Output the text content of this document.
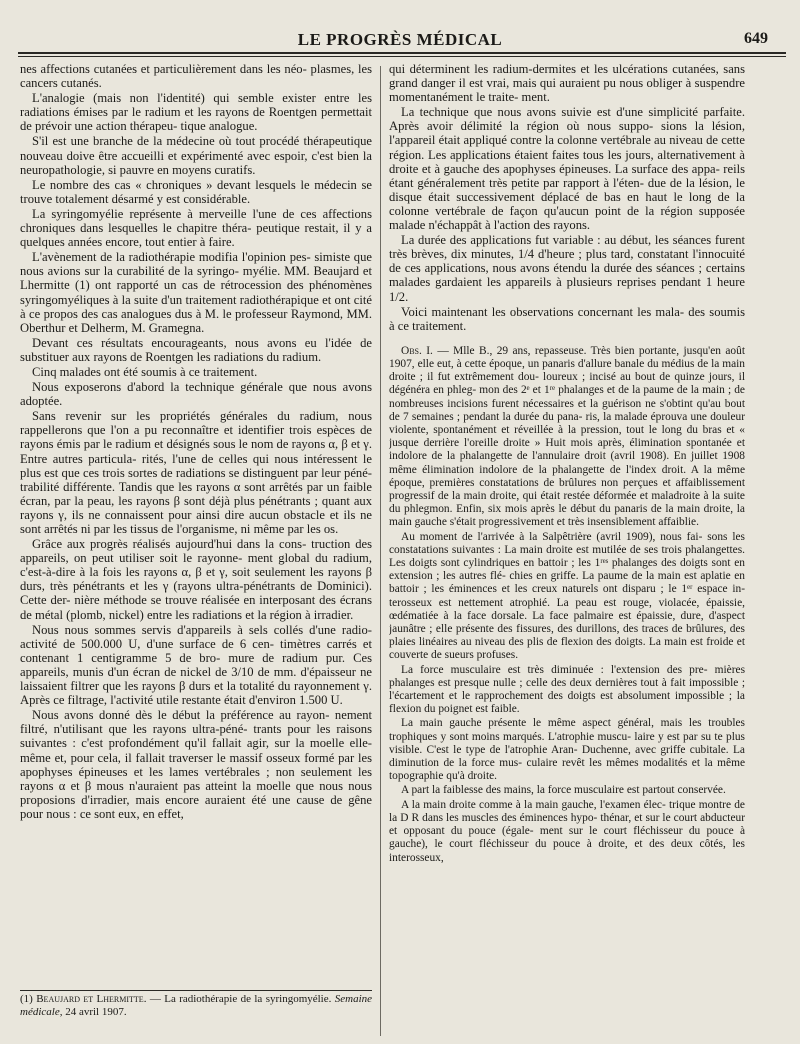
LE PROGRÈS MÉDICAL	649

nes affections cutanées et particulièrement dans les néo- plasmes, les cancers cutanés.

L'analogie (mais non l'identité) qui semble exister entre les radiations émises par le radium et les rayons de Roentgen permettait de prévoir une action thérapeu- tique analogue.

S'il est une branche de la médecine où tout procédé thérapeutique nouveau doive être accueilli et expérimenté avec espoir, c'est bien la neuropathologie, si pauvre en moyens curatifs.

Le nombre des cas « chroniques » devant lesquels le médecin se trouve totalement désarmé y est considérable.

La syringomyélie représente à merveille l'une de ces affections chroniques dans lesquelles le chapitre théra- peutique restait, il y a quelques années encore, tout entier à faire.

L'avènement de la radiothérapie modifia l'opinion pes- simiste que nous avions sur la curabilité de la syringo- myélie. MM. Beaujard et Lhermitte (1) ont rapporté un cas de rétrocession des phénomènes syringomyéliques à la suite d'un traitement radiothérapique et ont cité à ce propos des cas analogues dus à M. le professeur Raymond, MM. Oberthur et Delherm, M. Gramegna.

Devant ces résultats encourageants, nous avons eu l'idée de substituer aux rayons de Roentgen les radiations du radium.

Cinq malades ont été soumis à ce traitement.

Nous exposerons d'abord la technique générale que nous avons adoptée.

Sans revenir sur les propriétés générales du radium, nous rappellerons que l'on a pu reconnaître et identifier trois espèces de rayons émis par le radium et désignés sous le nom de rayons α, β et γ. Entre autres particula- rités, l'une de celles qui nous intéressent le plus est que ces trois sortes de radiations se distinguent par leur péné- trabilité différente. Tandis que les rayons α sont arrêtés par un faible écran, par la peau, les rayons β sont déjà plus pénétrants ; quant aux rayons γ, ils ne connaissent pour ainsi dire aucun obstacle et ils ne sont arrêtés ni par les tissus de l'organisme, ni même par les os.

Grâce aux progrès réalisés aujourd'hui dans la cons- truction des appareils, on peut utiliser soit le rayonne- ment global du radium, c'est-à-dire à la fois les rayons α, β et γ, soit seulement les rayons β durs, très pénétrants et les γ (rayons ultra-pénétrants de Dominici). Cette der- nière méthode se trouve réalisée en interposant des écrans de métal (plomb, nickel) entre les radiations et la région à irradier.

Nous nous sommes servis d'appareils à sels collés d'une radio-activité de 500.000 U, d'une surface de 6 cen- timètres carrés et contenant 1 centigramme 5 de bro- mure de radium pur. Ces appareils, munis d'un écran de nickel de 3/10 de mm. d'épaisseur ne laissaient filtrer que les rayons β durs et la totalité du rayonnement γ. Après ce filtrage, l'activité utile restante était d'environ 1.500 U.

Nous avons donné dès le début la préférence au rayon- nement filtré, n'utilisant que les rayons ultra-péné- trants pour les raisons suivantes : c'est profondément qu'il fallait agir, sur la moelle elle-même et, pour cela, il fallait traverser le massif osseux formé par les apophyses épineuses et les lames vertébrales ; non seulement les rayons α et β mous n'auraient pas atteint la moelle que nous nous proposions d'irradier, mais encore auraient été une cause de gêne pour nous : ce sont eux, en effet,

qui déterminent les radium-dermites et les ulcérations cutanées, sans grand danger il est vrai, mais qui auraient pu nous obliger à suspendre momentanément le traite- ment.

La technique que nous avons suivie est d'une simplicité parfaite. Après avoir délimité la région où nous suppo- sions la lésion, l'appareil était appliqué contre la colonne vertébrale au niveau de cette région. Les applications étaient faites tous les jours, alternativement à droite et à gauche des apophyses épineuses. La surface des appa- reils étant généralement très petite par rapport à l'éten- due de la lésion, le disque était successivement déplacé de bas en haut le long de la colonne vertébrale de façon qu'aucun point de la région supposée malade n'échappât à l'action des rayons.

La durée des applications fut variable : au début, les séances furent très brèves, dix minutes, 1/4 d'heure ; plus tard, constatant l'innocuité de ces applications, nous avons étendu la durée des séances ; certains malades gardaient les appareils à plusieurs reprises pendant 1 heure 1/2.

Voici maintenant les observations concernant les mala- des soumis à ce traitement.

Obs. I. — Mlle B., 29 ans, repasseuse. Très bien portante, jusqu'en août 1907, elle eut, à cette époque, un panaris d'allure banale du médius de la main droite ; il fut extrêmement dou- loureux ; incisé au bout de quinze jours, il dégénéra en phleg- mon des 2ᵉ et 1ʳᵉ phalanges et de la paume de la main ; de nombreuses incisions furent nécessaires et la guérison ne s'obtint qu'au bout de 7 semaines ; pendant la durée du pana- ris, la malade éprouva une douleur violente, spontanément et réveillée à la pression, tout le long du bras et « jusque derrière l'oreille droite » Huit mois après, élimination spontanée et indolore de la phalangette de l'annulaire droit (avril 1908). En juillet 1908 même élimination indolore de la phalangette de l'index droit. A la même époque, premières constatations de brûlures non perçues et affaiblissement progressif de la main droite, qui était restée déformée et maladroite à la suite du phlegmon. Enfin, six mois après le début du panaris de la main droite, la main gauche s'était progressivement et très insensiblement affaiblie.

Au moment de l'arrivée à la Salpêtrière (avril 1909), nous fai- sons les constatations suivantes : La main droite est mutilée de ses trois phalangettes. Les doigts sont cylindriques en battoir ; les 1ʳᵉˢ phalanges des doigts sont en extension ; les autres flé- chies en griffe. La paume de la main est aplatie en battoir ; les éminences et les creux naturels ont disparu ; le 1ᵉʳ espace in- terosseux est nettement atrophié. La peau est rouge, violacée, épaissie, œdématiée à la face dorsale. La face palmaire est épaissie, dure, d'aspect jaunâtre ; elle présente des fissures, des durillons, des traces de brûlures, des plaies linéaires au niveau des plis de flexion des doigts. La main est froide et couverte de sueurs profuses.

La force musculaire est très diminuée : l'extension des pre- mières phalanges est presque nulle ; celle des deux dernières tout à fait impossible ; l'écartement et le rapprochement des doigts est absolument impossible ; la flexion du poignet est faible.

La main gauche présente le même aspect général, mais les troubles trophiques y sont moins marqués. L'atrophie muscu- laire y est par su te plus visible. C'est le type de l'atrophie Aran- Duchenne, avec griffe cubitale. La diminution de la force mus- culaire revêt les mêmes modalités et la même topographie qu'à droite.

A part la faiblesse des mains, la force musculaire est partout conservée.

A la main droite comme à la main gauche, l'examen élec- trique montre de la D R dans les muscles des éminences hypo- thénar, et sur le court abducteur et opposant du pouce (égale- ment sur le court fléchisseur du pouce à gauche), le court fléchisseur du pouce à droite, et des deux côtés, les interosseux,

(1) Beaujard et Lhermitte. — La radiothérapie de la syringomyélie. Semaine médicale, 24 avril 1907.
